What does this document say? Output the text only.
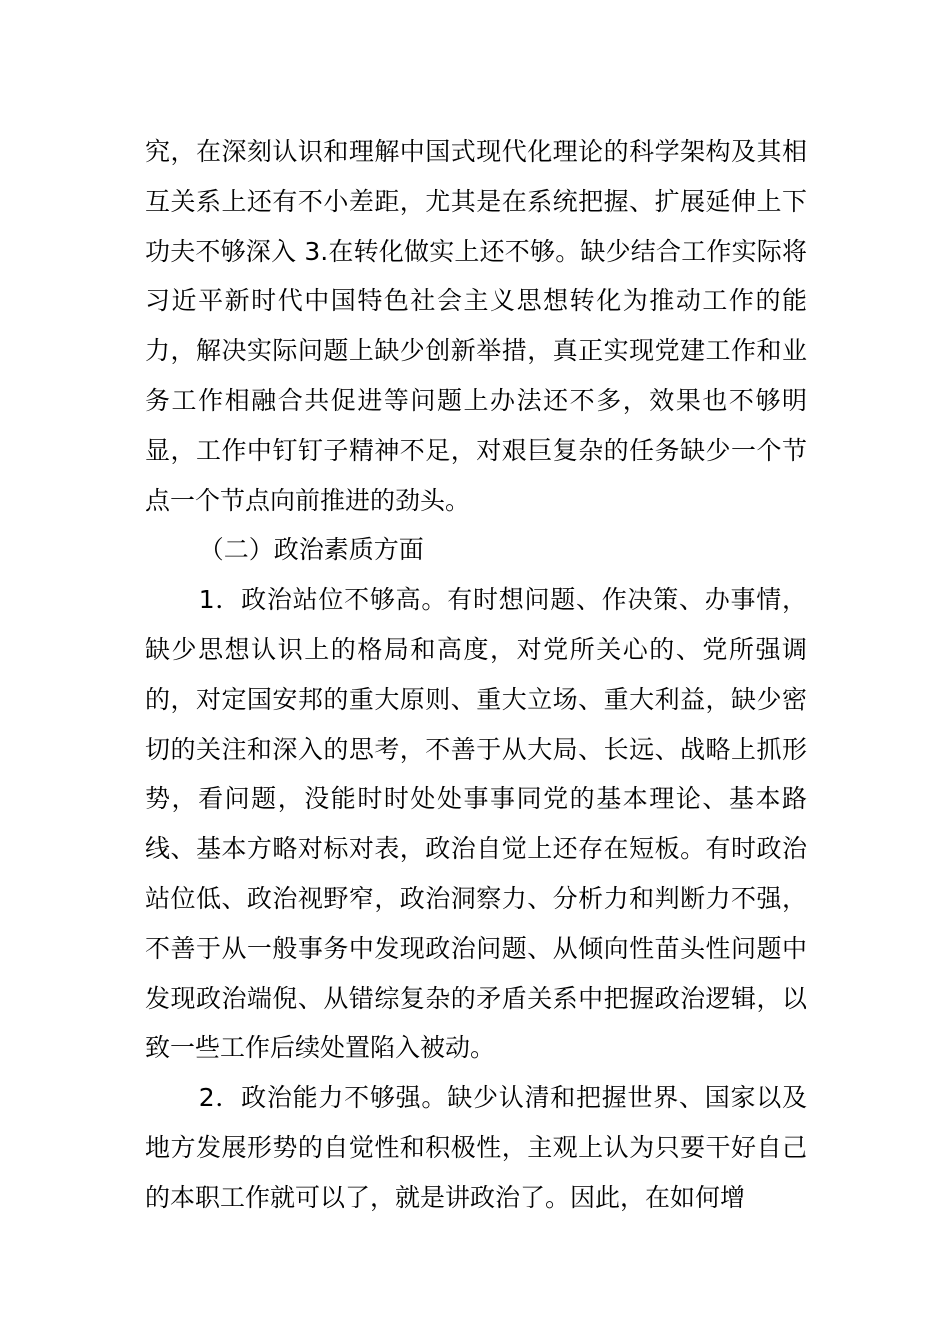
究，在深刻认识和理解中国式现代化理论的科学架构及其相互关系上还有不小差距，尤其是在系统把握、扩展延伸上下功夫不够深入 3.在转化做实上还不够。缺少结合工作实际将习近平新时代中国特色社会主义思想转化为推动工作的能力，解决实际问题上缺少创新举措，真正实现党建工作和业务工作相融合共促进等问题上办法还不多，效果也不够明显，工作中钉钉子精神不足，对艰巨复杂的任务缺少一个节点一个节点向前推进的劲头。

（二）政治素质方面

1．政治站位不够高。有时想问题、作决策、办事情，缺少思想认识上的格局和高度，对党所关心的、党所强调的，对定国安邦的重大原则、重大立场、重大利益，缺少密切的关注和深入的思考，不善于从大局、长远、战略上抓形势，看问题，没能时时处处事事同党的基本理论、基本路线、基本方略对标对表，政治自觉上还存在短板。有时政治站位低、政治视野窄，政治洞察力、分析力和判断力不强，不善于从一般事务中发现政治问题、从倾向性苗头性问题中发现政治端倪、从错综复杂的矛盾关系中把握政治逻辑，以致一些工作后续处置陷入被动。

2．政治能力不够强。缺少认清和把握世界、国家以及地方发展形势的自觉性和积极性，主观上认为只要干好自己的本职工作就可以了，就是讲政治了。因此，在如何增
